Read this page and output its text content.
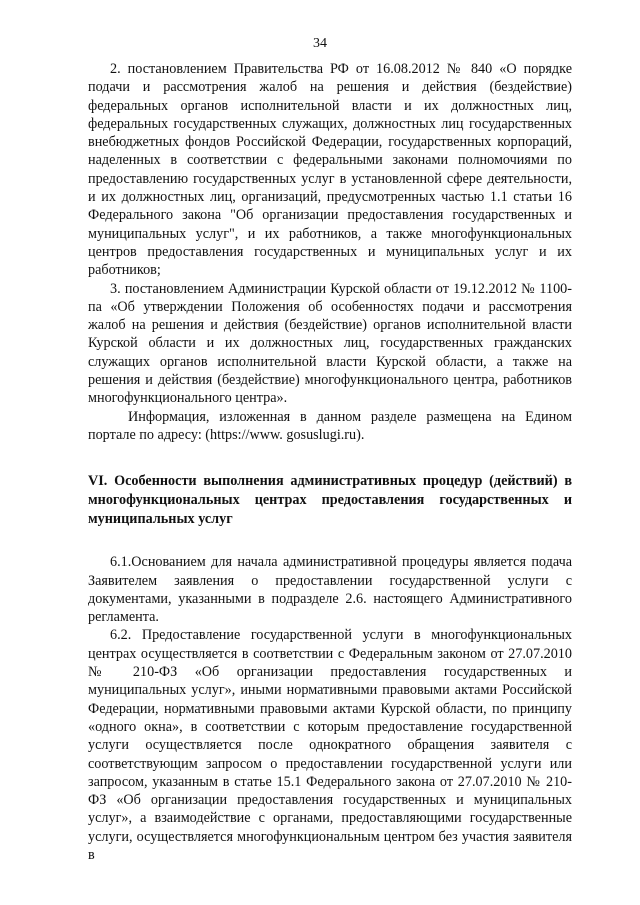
34

2. постановлением Правительства РФ от 16.08.2012 № 840 «О порядке подачи и рассмотрения жалоб на решения и действия (бездействие) федеральных органов исполнительной власти и их должностных лиц, федеральных государственных служащих, должностных лиц государственных внебюджетных фондов Российской Федерации, государственных корпораций, наделенных в соответствии с федеральными законами полномочиями по предоставлению государственных услуг в установленной сфере деятельности, и их должностных лиц, организаций, предусмотренных частью 1.1 статьи 16 Федерального закона "Об организации предоставления государственных и муниципальных услуг", и их работников, а также многофункциональных центров предоставления государственных и муниципальных услуг и их работников;

3. постановлением Администрации Курской области от 19.12.2012 № 1100-па «Об утверждении Положения об особенностях подачи и рассмотрения жалоб на решения и действия (бездействие) органов исполнительной власти Курской области и их должностных лиц, государственных гражданских служащих органов исполнительной власти Курской области, а также на решения и действия (бездействие) многофункционального центра, работников многофункционального центра».

Информация, изложенная в данном разделе размещена на Едином портале по адресу: (https://www. gosuslugi.ru).

VI. Особенности выполнения административных процедур (действий) в многофункциональных центрах предоставления государственных и муниципальных услуг

6.1.Основанием для начала административной процедуры является подача Заявителем заявления о предоставлении государственной услуги с документами, указанными в подразделе 2.6. настоящего Административного регламента.

6.2. Предоставление государственной услуги в многофункциональных центрах осуществляется в соответствии с Федеральным законом от 27.07.2010 № 210-ФЗ «Об организации предоставления государственных и муниципальных услуг», иными нормативными правовыми актами Российской Федерации, нормативными правовыми актами Курской области, по принципу «одного окна», в соответствии с которым предоставление государственной услуги осуществляется после однократного обращения заявителя с соответствующим запросом о предоставлении государственной услуги или запросом, указанным в статье 15.1 Федерального закона от 27.07.2010 № 210-ФЗ «Об организации предоставления государственных и муниципальных услуг», а взаимодействие с органами, предоставляющими государственные услуги, осуществляется многофункциональным центром без участия заявителя в
